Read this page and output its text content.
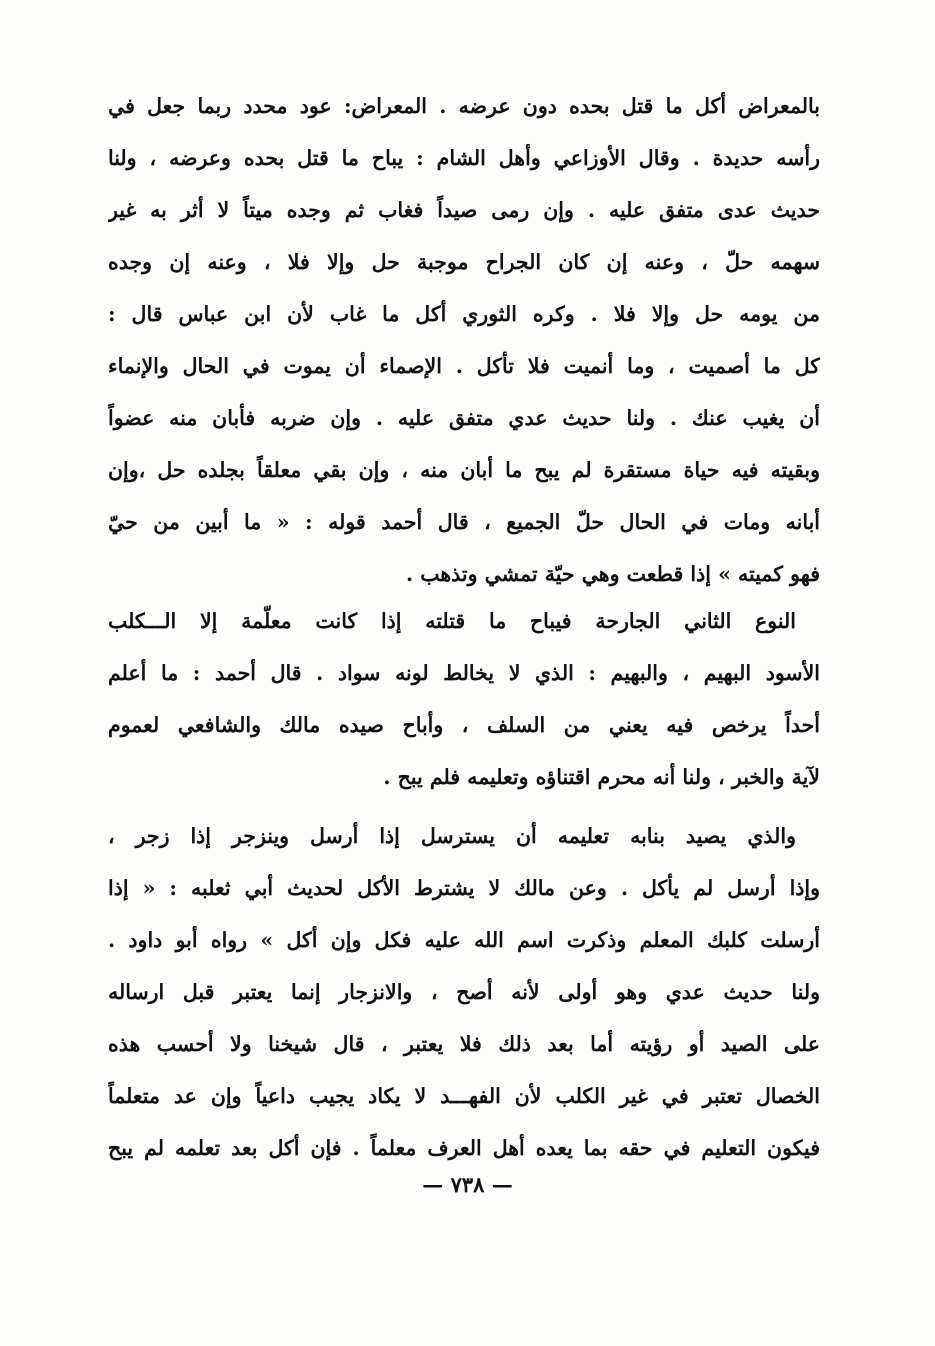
بالمعراض أكل ما قتل بحده دون عرضه . المعراض: عود محدد ربما جعل في
رأسه حديدة . وقال الأوزاعي وأهل الشام : يباح ما قتل بحده وعرضه ، ولنا
حديث عدى متفق عليه . وإن رمى صيداً فغاب ثم وجده ميتاً لا أثر به غير
سهمه حلّ ، وعنه إن كان الجراح موجبة حل وإلا فلا ، وعنه إن وجده
من يومه حل وإلا فلا . وكره الثوري أكل ما غاب لأن ابن عباس قال :
كل ما أصميت ، وما أنميت فلا تأكل . الإصماء أن يموت في الحال والإنماء
أن يغيب عنك . ولنا حديث عدي متفق عليه . وإن ضربه فأبان منه عضواً
وبقيته فيه حياة مستقرة لم يبح ما أبان منه ، وإن بقي معلقاً بجلده حل ،وإن
أبانه ومات في الحال حلّ الجميع ، قال أحمد قوله : « ما أبين من حيّ
فهو كميته » إذا قطعت وهي حيّة تمشي وتذهب .
النوع الثاني الجارحة فيباح ما قتلته إذا كانت معلّمة إلا الـــكلب
الأسود البهيم ، والبهيم : الذي لا يخالط لونه سواد . قال أحمد : ما أعلم
أحداً يرخص فيه يعني من السلف ، وأباح صيده مالك والشافعي لعموم
لآية والخبر ، ولنا أنه محرم اقتناؤه وتعليمه فلم يبح .
والذي يصيد بنابه تعليمه أن يسترسل إذا أرسل وينزجر إذا زجر ،
وإذا أرسل لم يأكل . وعن مالك لا يشترط الأكل لحديث أبي ثعلبه : « إذا
أرسلت كلبك المعلم وذكرت اسم الله عليه فكل وإن أكل » رواه أبو داود .
ولنا حديث عدي وهو أولى لأنه أصح ، والانزجار إنما يعتبر قبل ارساله
على الصيد أو رؤيته أما بعد ذلك فلا يعتبر ، قال شيخنا ولا أحسب هذه
الخصال تعتبر في غير الكلب لأن الفهـــد لا يكاد يجيب داعياً وإن عد متعلماً
فيكون التعليم في حقه بما يعده أهل العرف معلماً . فإن أكل بعد تعلمه لم يبح
— ٧٣٨ —
